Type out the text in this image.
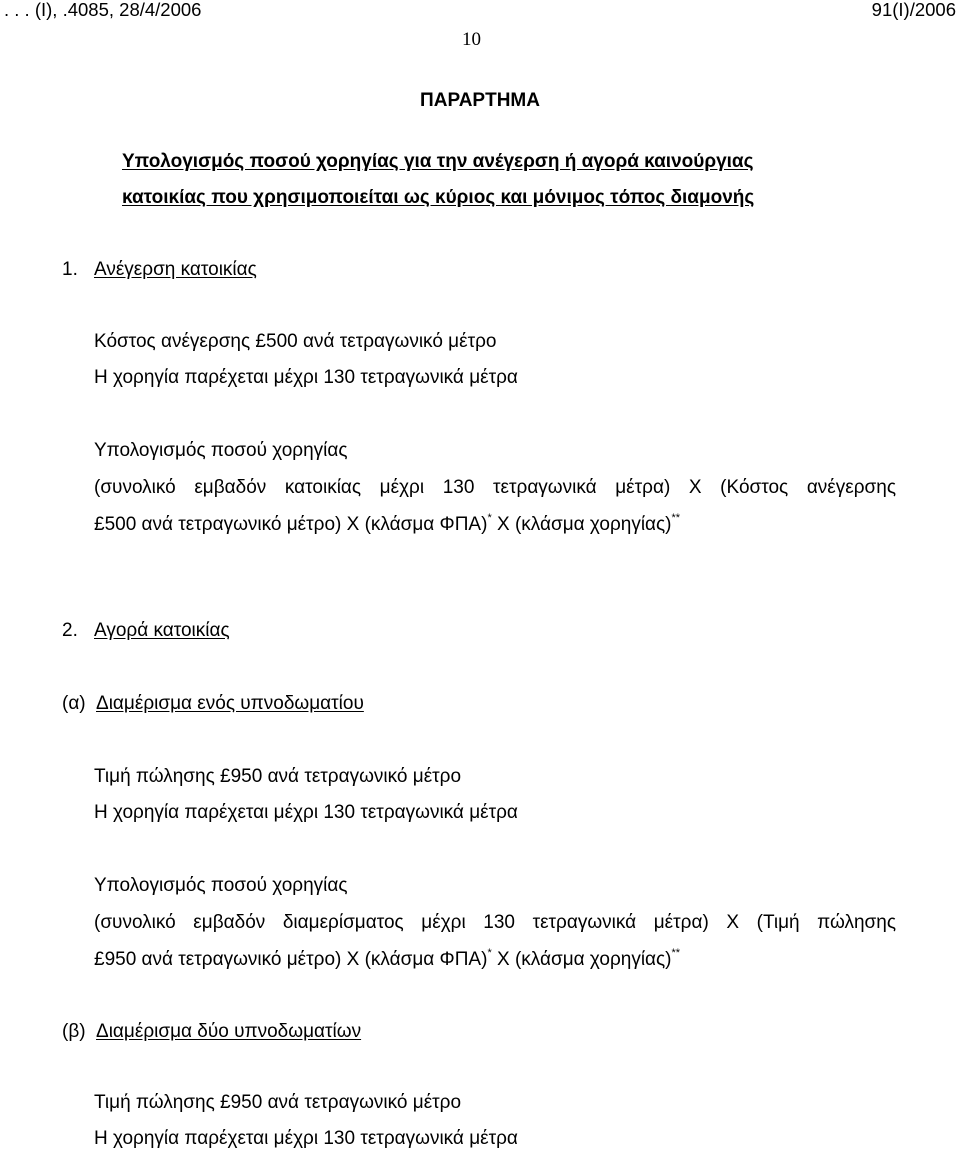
. . . (Ι), .4085, 28/4/2006	91(Ι)/2006
10
ΠΑΡΑΡΤΗΜΑ
Υπολογισμός ποσού χορηγίας για την ανέγερση ή αγορά καινούργιας
κατοικίας που χρησιμοποιείται ως κύριος και μόνιμος τόπος διαμονής
1. Ανέγερση κατοικίας
Κόστος ανέγερσης £500 ανά τετραγωνικό μέτρο
Η χορηγία παρέχεται μέχρι 130 τετραγωνικά μέτρα
Υπολογισμός ποσού χορηγίας
(συνολικό εμβαδόν κατοικίας μέχρι 130 τετραγωνικά μέτρα) Χ (Κόστος ανέγερσης
£500 ανά τετραγωνικό μέτρο) Χ (κλάσμα ΦΠΑ)* Χ (κλάσμα χορηγίας)**
2. Αγορά κατοικίας
(α) Διαμέρισμα ενός υπνοδωματίου
Τιμή πώλησης £950 ανά τετραγωνικό μέτρο
Η χορηγία παρέχεται μέχρι 130 τετραγωνικά μέτρα
Υπολογισμός ποσού χορηγίας
(συνολικό εμβαδόν διαμερίσματος μέχρι 130 τετραγωνικά μέτρα) Χ (Τιμή πώλησης
£950 ανά τετραγωνικό μέτρο) Χ (κλάσμα ΦΠΑ)* Χ (κλάσμα χορηγίας)**
(β) Διαμέρισμα δύο υπνοδωματίων
Τιμή πώλησης £950 ανά τετραγωνικό μέτρο
Η χορηγία παρέχεται μέχρι 130 τετραγωνικά μέτρα
